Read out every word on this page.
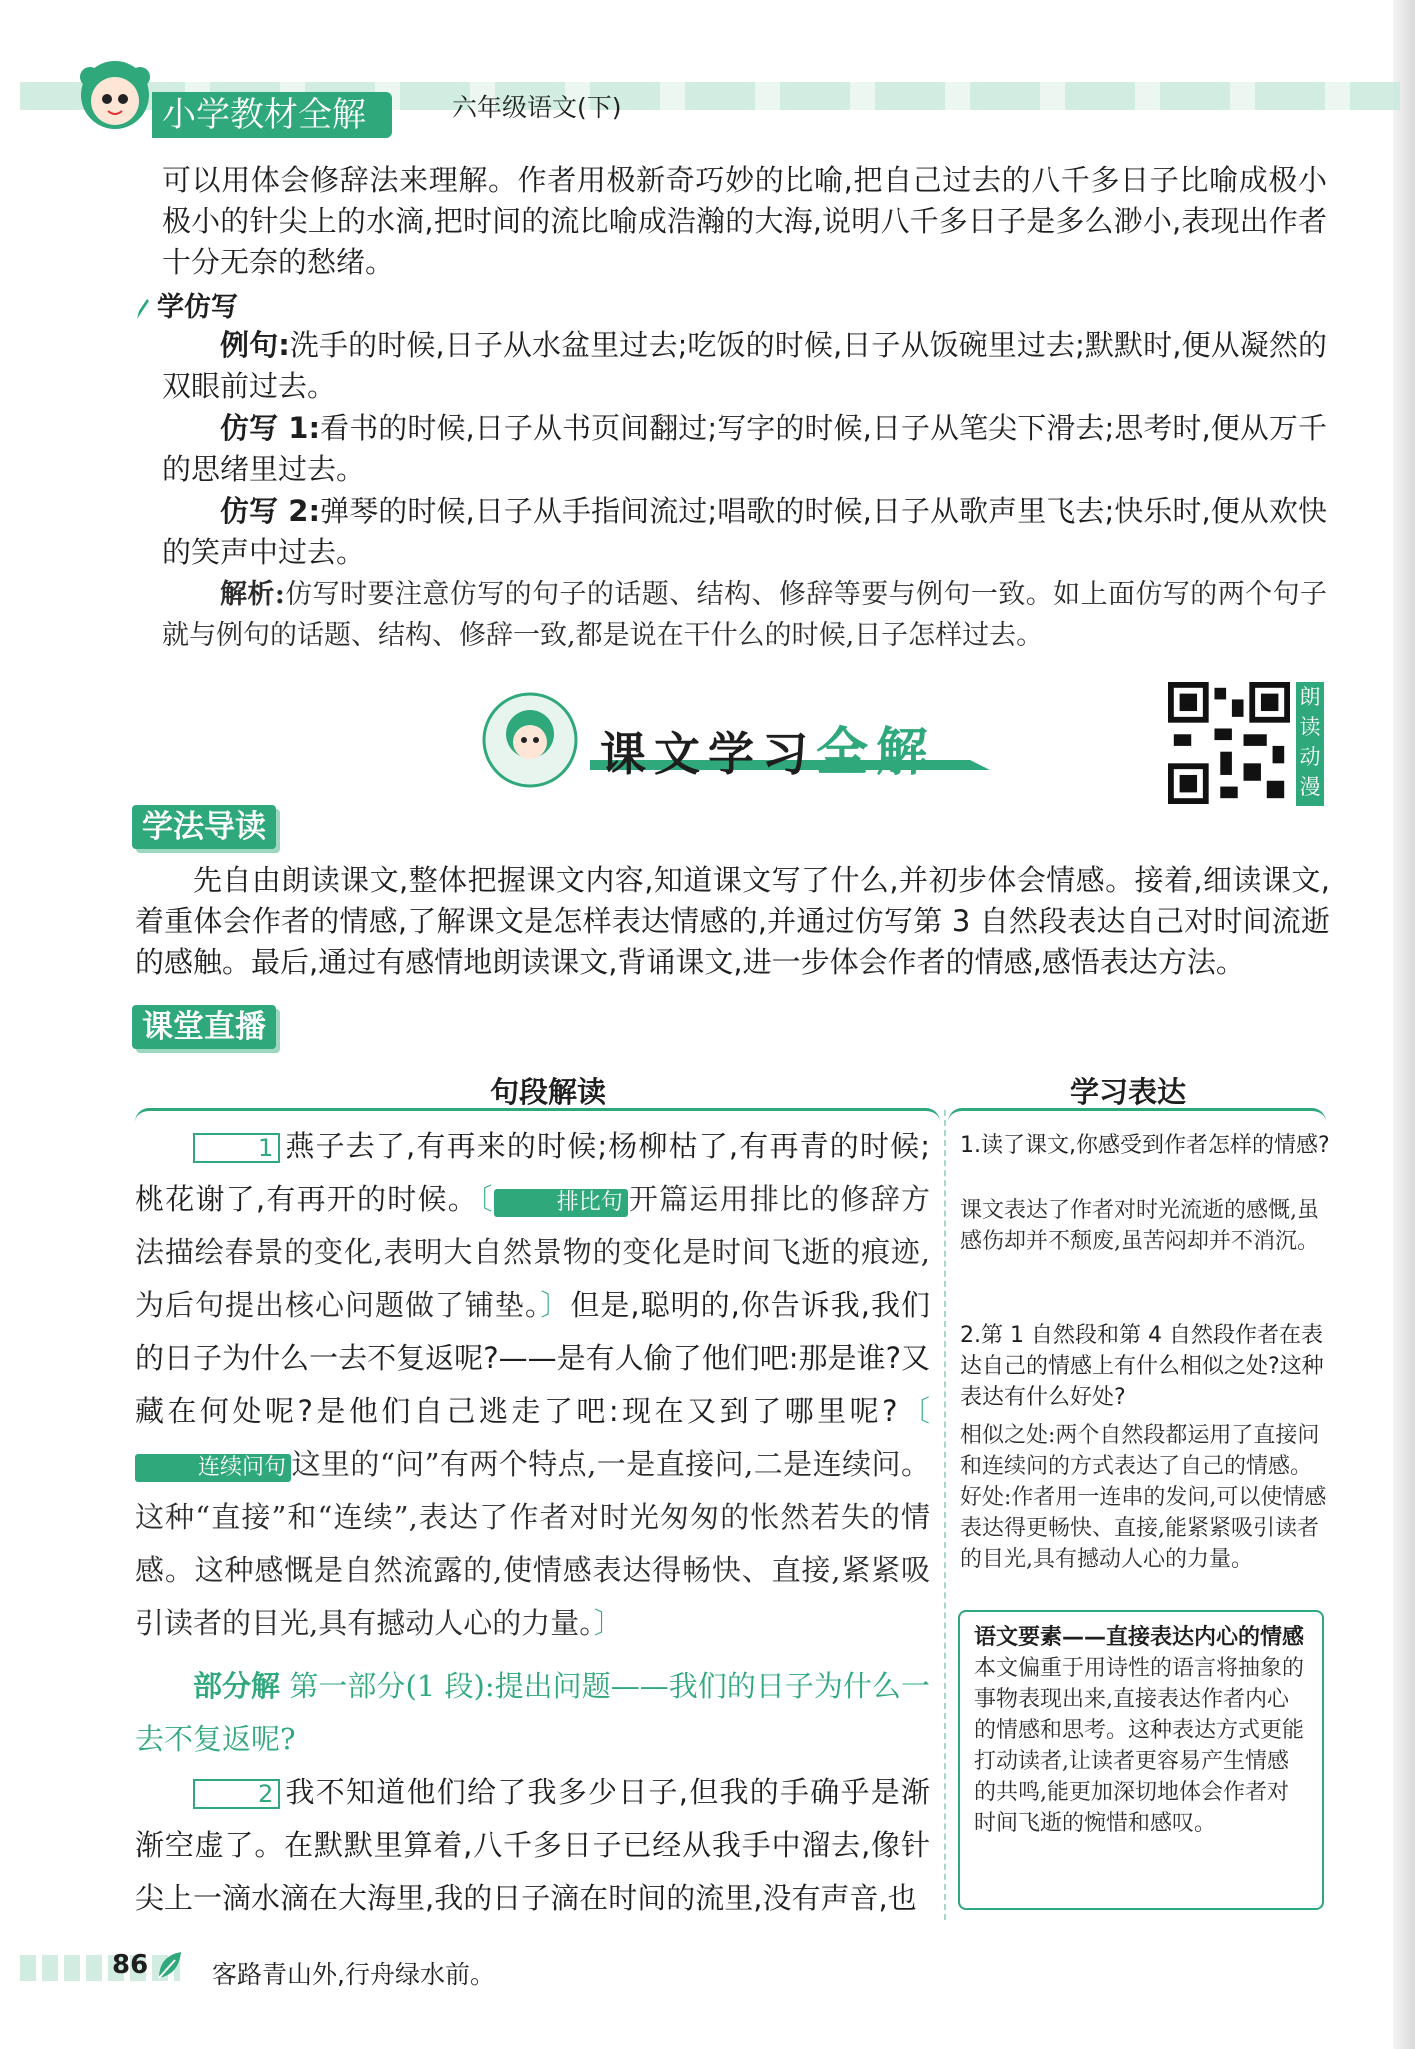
小学教材全解	六年级语文(下)

可以用体会修辞法来理解。作者用极新奇巧妙的比喻,把自己过去的八千多日子比喻成极小极小的针尖上的水滴,把时间的流比喻成浩瀚的大海,说明八千多日子是多么渺小,表现出作者十分无奈的愁绪。

学仿写

例句:洗手的时候,日子从水盆里过去;吃饭的时候,日子从饭碗里过去;默默时,便从凝然的双眼前过去。

仿写 1:看书的时候,日子从书页间翻过;写字的时候,日子从笔尖下滑去;思考时,便从万千的思绪里过去。

仿写 2:弹琴的时候,日子从手指间流过;唱歌的时候,日子从歌声里飞去;快乐时,便从欢快的笑声中过去。

解析:仿写时要注意仿写的句子的话题、结构、修辞等要与例句一致。如上面仿写的两个句子就与例句的话题、结构、修辞一致,都是说在干什么的时候,日子怎样过去。

课文学习全解
朗读动漫
学法导读

先自由朗读课文,整体把握课文内容,知道课文写了什么,并初步体会情感。接着,细读课文,着重体会作者的情感,了解课文是怎样表达情感的,并通过仿写第 3 自然段表达自己对时间流逝的感触。最后,通过有感情地朗读课文,背诵课文,进一步体会作者的情感,感悟表达方法。

课堂直播
句段解读	学习表达

1 燕子去了,有再来的时候;杨柳枯了,有再青的时候;桃花谢了,有再开的时候。〔	排比句 开篇运用排比的修辞方法描绘春景的变化,表明大自然景物的变化是时间飞逝的痕迹,为后句提出核心问题做了铺垫。〕但是,聪明的,你告诉我,我们的日子为什么一去不复返呢?——是有人偷了他们吧:那是谁?又藏在何处呢?是他们自己逃走了吧:现在又到了哪里呢?〔连续问句 这里的“问”有两个特点,一是直接问,二是连续问。这种“直接”和“连续”,表达了作者对时光匆匆的怅然若失的情感。这种感慨是自然流露的,使情感表达得畅快、直接,紧紧吸引读者的目光,具有撼动人心的力量。〕

部分解 第一部分(1 段):提出问题——我们的日子为什么一去不复返呢?

2 我不知道他们给了我多少日子,但我的手确乎是渐渐空虚了。在默默里算着,八千多日子已经从我手中溜去,像针尖上一滴水滴在大海里,我的日子滴在时间的流里,没有声音,也

1.读了课文,你感受到作者怎样的情感?
课文表达了作者对时光流逝的感慨,虽感伤却并不颓废,虽苦闷却并不消沉。
2.第 1 自然段和第 4 自然段作者在表达自己的情感上有什么相似之处?这种表达有什么好处?
相似之处:两个自然段都运用了直接问和连续问的方式表达了自己的情感。好处:作者用一连串的发问,可以使情感表达得更畅快、直接,能紧紧吸引读者的目光,具有撼动人心的力量。
语文要素——直接表达内心的情感
本文偏重于用诗性的语言将抽象的事物表现出来,直接表达作者内心的情感和思考。这种表达方式更能打动读者,让读者更容易产生情感的共鸣,能更加深切地体会作者对时间飞逝的惋惜和感叹。
86	客路青山外,行舟绿水前。
